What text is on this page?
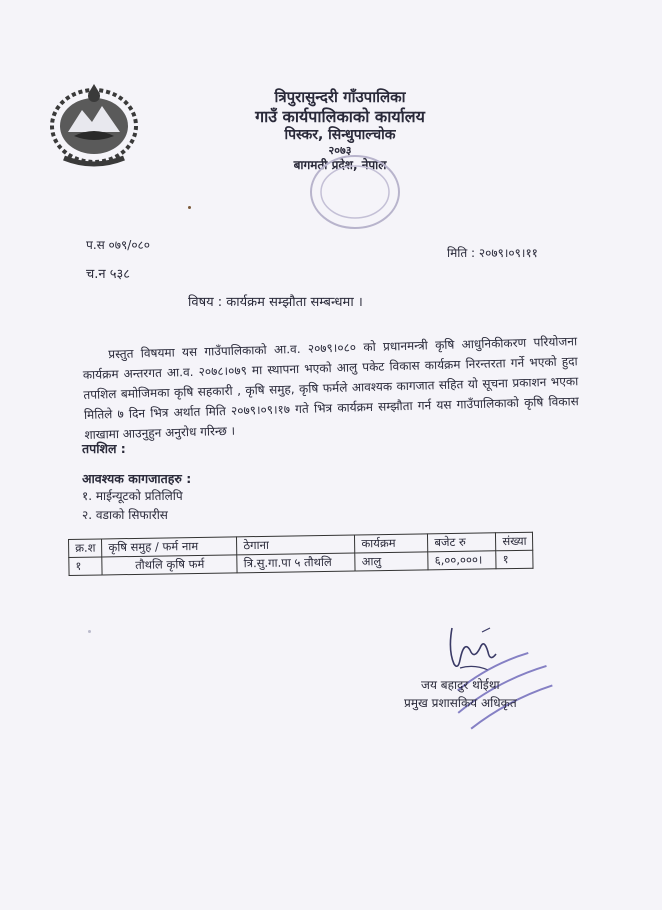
त्रिपुरासुन्दरी गाँउपालिका
गाउँ कार्यपालिकाको कार्यालय
पिस्कर, सिन्धुपाल्चोक
२०७३
बागमती प्रदेश, नेपाल
प.स ०७९/०८०
मिति : २०७९।०९।११
च.न ५३८
विषय : कार्यक्रम सम्झौता सम्बन्धमा ।

प्रस्तुत विषयमा यस गाउँपालिकाको आ.व. २०७९।०८० को प्रधानमन्त्री कृषि आधुनिकीकरण परियोजना कार्यक्रम अन्तरगत आ.व. २०७८।०७९ मा स्थापना भएको आलु पकेट विकास कार्यक्रम निरन्तरता गर्ने भएको हुदा तपशिल बमोजिमका कृषि सहकारी , कृषि समुह, कृषि फर्मले आवश्यक कागजात सहित यो सूचना प्रकाशन भएका मितिले ७ दिन भित्र अर्थात मिति २०७९।०९।१७ गते भित्र कार्यक्रम सम्झौता गर्न यस गाउँपालिकाको कृषि विकास शाखामा आउनुहुन अनुरोध गरिन्छ ।

तपशिल :
आवश्यक कागजातहरु :
१. माईन्यूटको प्रतिलिपि
२. वडाको सिफारीस
क्र.श	कृषि समुह / फर्म नाम	ठेगाना	कार्यक्रम	बजेट रु	संख्या
१	तौथलि कृषि फर्म	त्रि.सु.गा.पा ५ तौथलि	आलु	६,००,०००।	१
जय बहादुर थोईथा
प्रमुख प्रशासकिय अधिकृत
